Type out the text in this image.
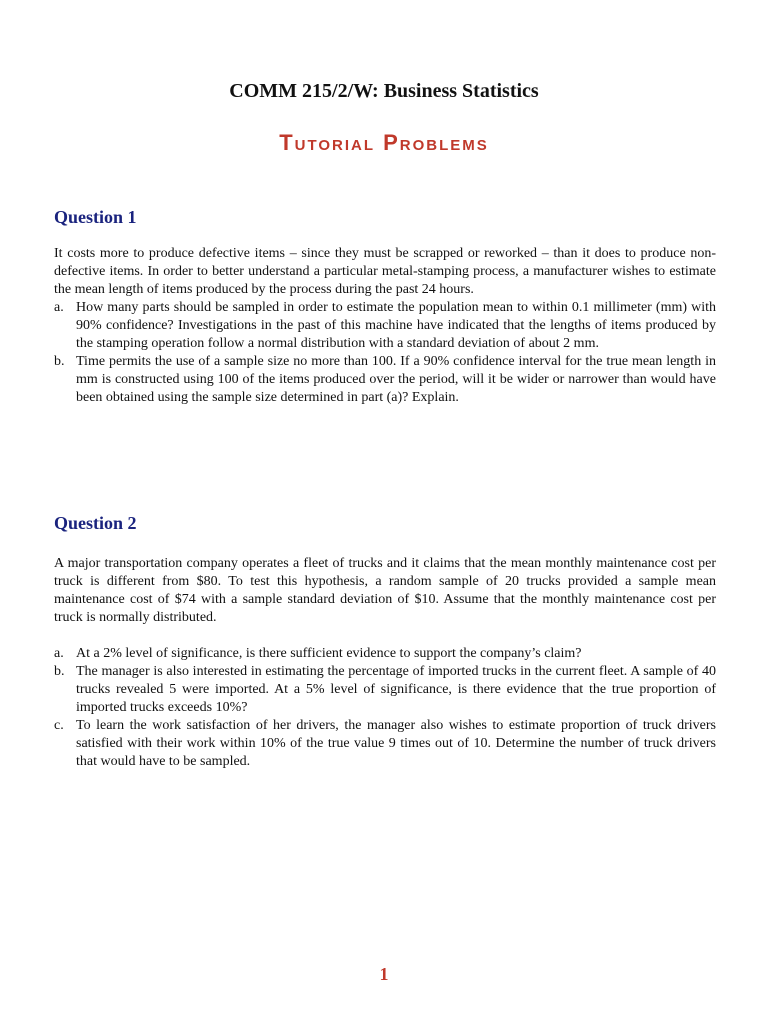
COMM 215/2/W: Business Statistics
Tutorial Problems
Question 1

It costs more to produce defective items – since they must be scrapped or reworked – than it does to produce non-defective items. In order to better understand a particular metal-stamping process, a manufacturer wishes to estimate the mean length of items produced by the process during the past 24 hours.

a. How many parts should be sampled in order to estimate the population mean to within 0.1 millimeter (mm) with 90% confidence? Investigations in the past of this machine have indicated that the lengths of items produced by the stamping operation follow a normal distribution with a standard deviation of about 2 mm.
b. Time permits the use of a sample size no more than 100. If a 90% confidence interval for the true mean length in mm is constructed using 100 of the items produced over the period, will it be wider or narrower than would have been obtained using the sample size determined in part (a)? Explain.
Question 2

A major transportation company operates a fleet of trucks and it claims that the mean monthly maintenance cost per truck is different from $80. To test this hypothesis, a random sample of 20 trucks provided a sample mean maintenance cost of $74 with a sample standard deviation of $10. Assume that the monthly maintenance cost per truck is normally distributed.

a. At a 2% level of significance, is there sufficient evidence to support the company’s claim?
b. The manager is also interested in estimating the percentage of imported trucks in the current fleet. A sample of 40 trucks revealed 5 were imported. At a 5% level of significance, is there evidence that the true proportion of imported trucks exceeds 10%?
c. To learn the work satisfaction of her drivers, the manager also wishes to estimate proportion of truck drivers satisfied with their work within 10% of the true value 9 times out of 10. Determine the number of truck drivers that would have to be sampled.

1
